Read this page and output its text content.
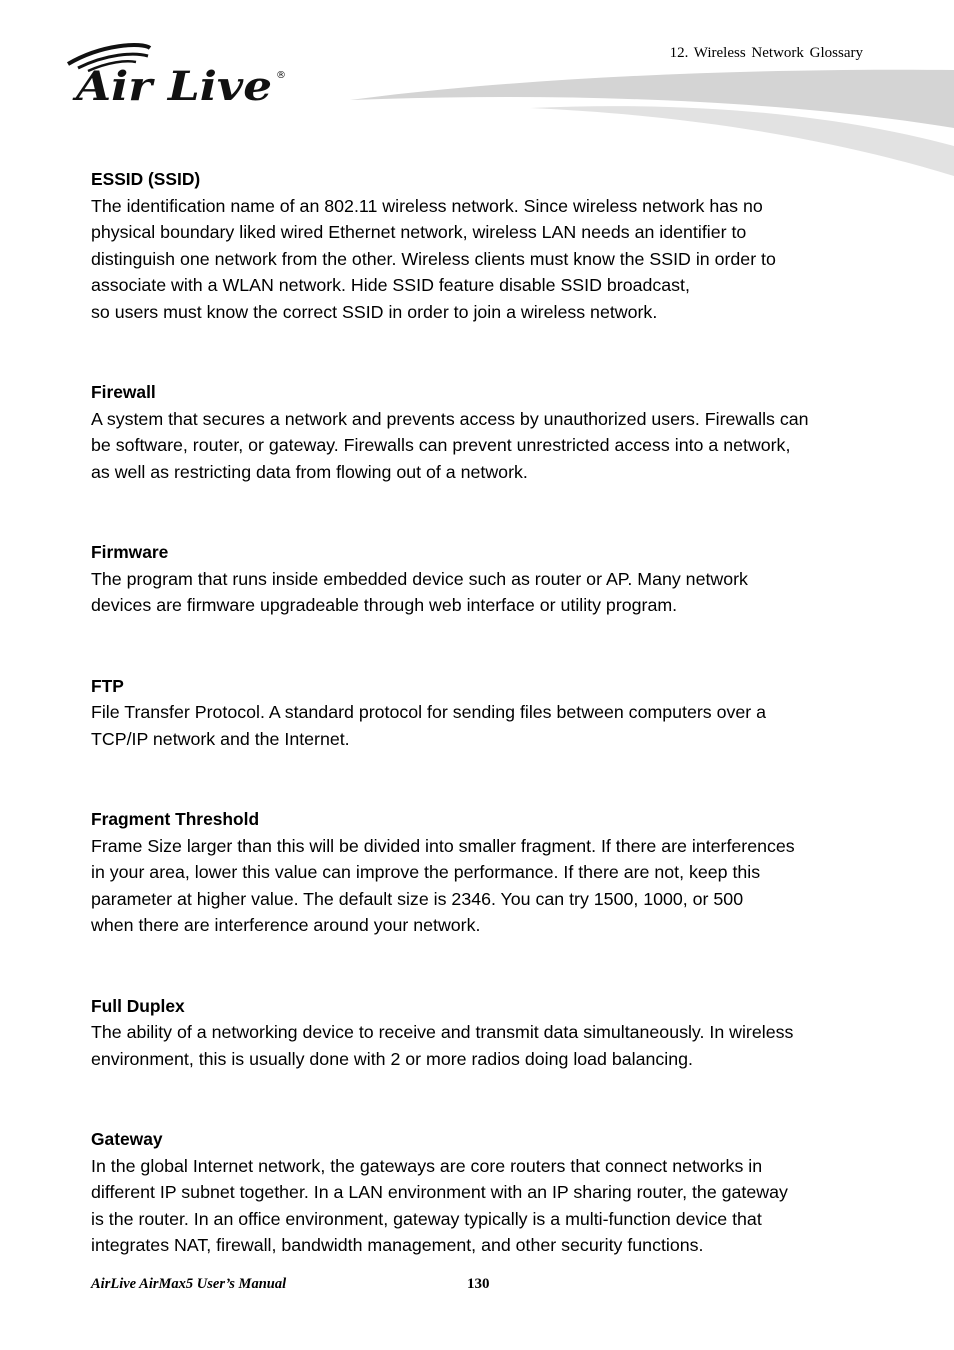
12. Wireless Network Glossary
Air Live ®

ESSID (SSID)

The identification name of an 802.11 wireless network. Since wireless network has no
physical boundary liked wired Ethernet network, wireless LAN needs an identifier to
distinguish one network from the other. Wireless clients must know the SSID in order to
associate with a WLAN network. Hide SSID feature disable SSID broadcast,
so users must know the correct SSID in order to join a wireless network.

Firewall

A system that secures a network and prevents access by unauthorized users. Firewalls can
be software, router, or gateway. Firewalls can prevent unrestricted access into a network,
as well as restricting data from flowing out of a network.

Firmware

The program that runs inside embedded device such as router or AP. Many network
devices are firmware upgradeable through web interface or utility program.

FTP

File Transfer Protocol. A standard protocol for sending files between computers over a
TCP/IP network and the Internet.

Fragment Threshold

Frame Size larger than this will be divided into smaller fragment. If there are interferences
in your area, lower this value can improve the performance. If there are not, keep this
parameter at higher value. The default size is 2346. You can try 1500, 1000, or 500
when there are interference around your network.

Full Duplex

The ability of a networking device to receive and transmit data simultaneously. In wireless
environment, this is usually done with 2 or more radios doing load balancing.

Gateway

In the global Internet network, the gateways are core routers that connect networks in
different IP subnet together. In a LAN environment with an IP sharing router, the gateway
is the router. In an office environment, gateway typically is a multi-function device that
integrates NAT, firewall, bandwidth management, and other security functions.

AirLive AirMax5 User’s Manual	130
